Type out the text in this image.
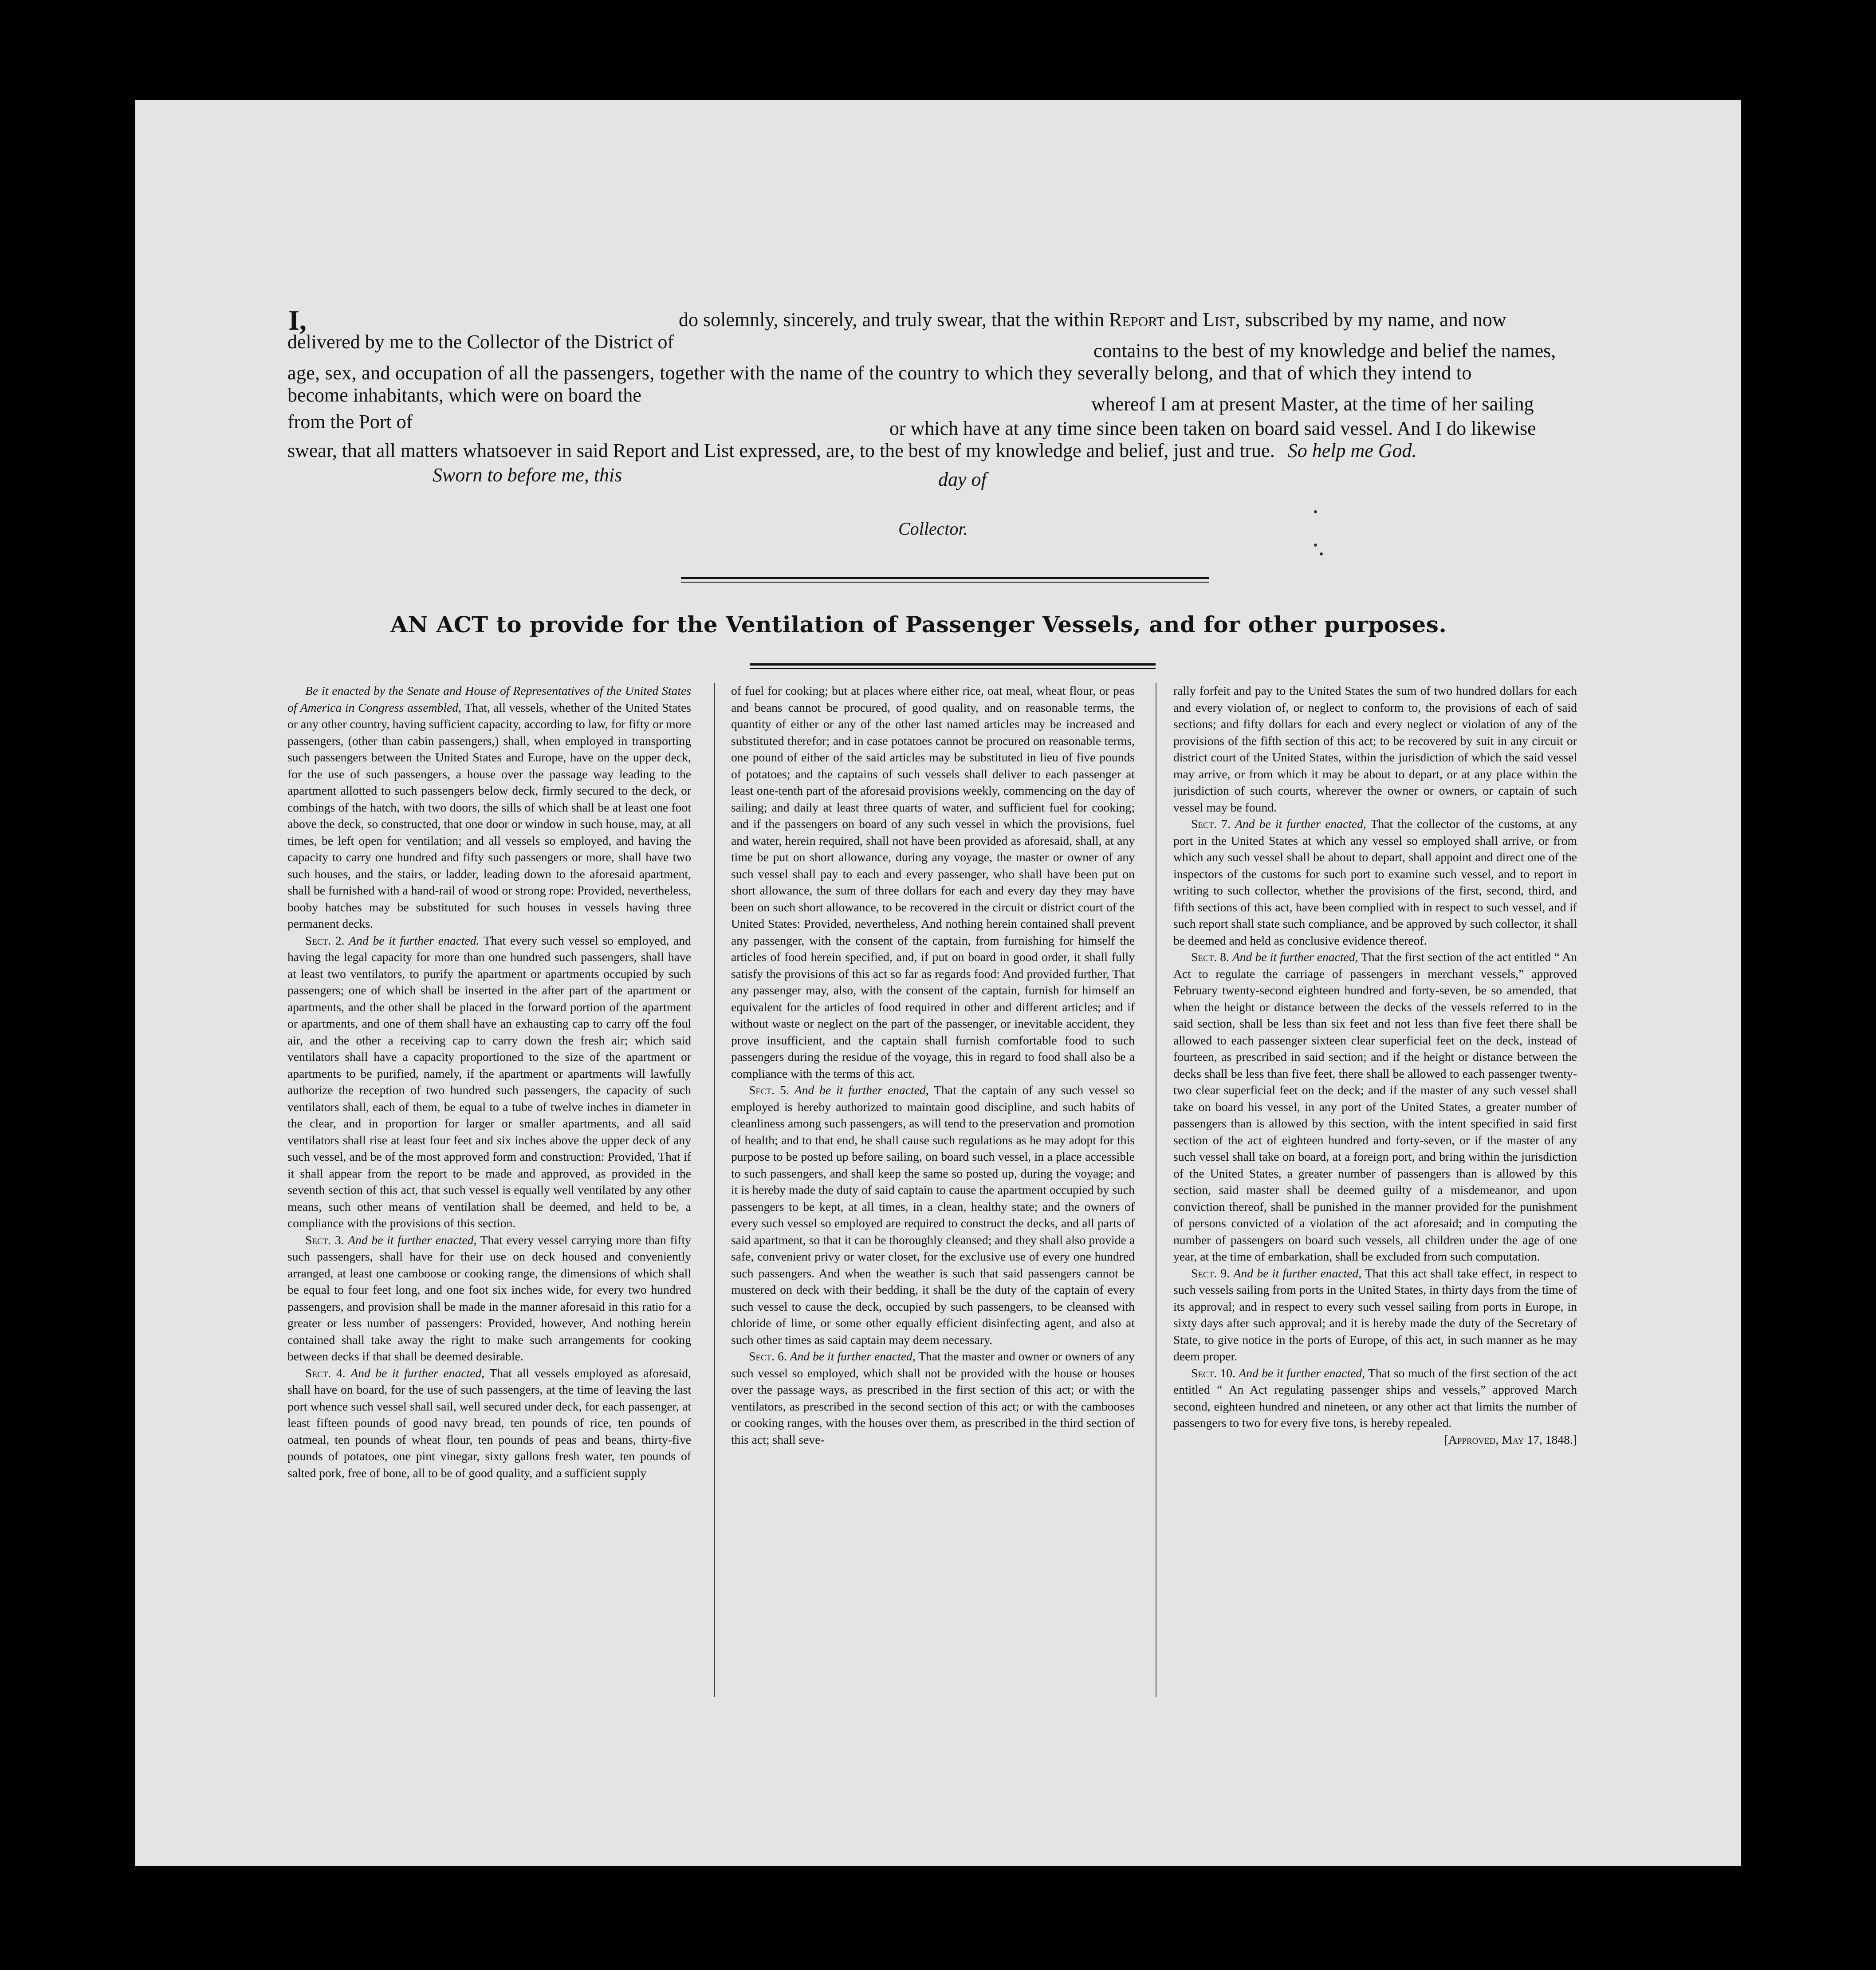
I,	do solemnly, sincerely, and truly swear, that the within Report and List, subscribed by my name, and now
delivered by me to the Collector of the District of	contains to the best of my knowledge and belief the names,
age, sex, and occupation of all the passengers, together with the name of the country to which they severally belong, and that of which they intend to
become inhabitants, which were on board the	whereof I am at present Master, at the time of her sailing
from the Port of	or which have at any time since been taken on board said vessel. And I do likewise
swear, that all matters whatsoever in said Report and List expressed, are, to the best of my knowledge and belief, just and true. So help me God.
Sworn to before me, this	day of
Collector.
AN ACT to provide for the Ventilation of Passenger Vessels, and for other purposes.

Be it enacted by the Senate and House of Representatives of the United States of America in Congress assembled, That, all vessels, whether of the United States or any other country, having sufficient capacity, according to law, for fifty or more passengers, (other than cabin passengers,) shall, when employed in transporting such passengers between the United States and Europe, have on the upper deck, for the use of such passengers, a house over the passage way leading to the apartment allotted to such passengers below deck, firmly secured to the deck, or combings of the hatch, with two doors, the sills of which shall be at least one foot above the deck, so constructed, that one door or window in such house, may, at all times, be left open for ventilation; and all vessels so employed, and having the capacity to carry one hundred and fifty such passengers or more, shall have two such houses, and the stairs, or ladder, leading down to the aforesaid apartment, shall be furnished with a hand-rail of wood or strong rope: Provided, nevertheless, booby hatches may be substituted for such houses in vessels having three permanent decks.

Sect. 2. And be it further enacted. That every such vessel so employed, and having the legal capacity for more than one hundred such passengers, shall have at least two ventilators, to purify the apartment or apartments occupied by such passengers; one of which shall be inserted in the after part of the apartment or apartments, and the other shall be placed in the forward portion of the apartment or apartments, and one of them shall have an exhausting cap to carry off the foul air, and the other a receiving cap to carry down the fresh air; which said ventilators shall have a capacity proportioned to the size of the apartment or apartments to be purified, namely, if the apartment or apartments will lawfully authorize the reception of two hundred such passengers, the capacity of such ventilators shall, each of them, be equal to a tube of twelve inches in diameter in the clear, and in proportion for larger or smaller apartments, and all said ventilators shall rise at least four feet and six inches above the upper deck of any such vessel, and be of the most approved form and construction: Provided, That if it shall appear from the report to be made and approved, as provided in the seventh section of this act, that such vessel is equally well ventilated by any other means, such other means of ventilation shall be deemed, and held to be, a compliance with the provisions of this section.

Sect. 3. And be it further enacted, That every vessel carrying more than fifty such passengers, shall have for their use on deck housed and conveniently arranged, at least one camboose or cooking range, the dimensions of which shall be equal to four feet long, and one foot six inches wide, for every two hundred passengers, and provision shall be made in the manner aforesaid in this ratio for a greater or less number of passengers: Provided, however, And nothing herein contained shall take away the right to make such arrangements for cooking between decks if that shall be deemed desirable.

Sect. 4. And be it further enacted, That all vessels employed as aforesaid, shall have on board, for the use of such passengers, at the time of leaving the last port whence such vessel shall sail, well secured under deck, for each passenger, at least fifteen pounds of good navy bread, ten pounds of rice, ten pounds of oatmeal, ten pounds of wheat flour, ten pounds of peas and beans, thirty-five pounds of potatoes, one pint vinegar, sixty gallons fresh water, ten pounds of salted pork, free of bone, all to be of good quality, and a sufficient supply

of fuel for cooking; but at places where either rice, oat meal, wheat flour, or peas and beans cannot be procured, of good quality, and on reasonable terms, the quantity of either or any of the other last named articles may be increased and substituted therefor; and in case potatoes cannot be procured on reasonable terms, one pound of either of the said articles may be substituted in lieu of five pounds of potatoes; and the captains of such vessels shall deliver to each passenger at least one-tenth part of the aforesaid provisions weekly, commencing on the day of sailing; and daily at least three quarts of water, and sufficient fuel for cooking; and if the passengers on board of any such vessel in which the provisions, fuel and water, herein required, shall not have been provided as aforesaid, shall, at any time be put on short allowance, during any voyage, the master or owner of any such vessel shall pay to each and every passenger, who shall have been put on short allowance, the sum of three dollars for each and every day they may have been on such short allowance, to be recovered in the circuit or district court of the United States: Provided, nevertheless, And nothing herein contained shall prevent any passenger, with the consent of the captain, from furnishing for himself the articles of food herein specified, and, if put on board in good order, it shall fully satisfy the provisions of this act so far as regards food: And provided further, That any passenger may, also, with the consent of the captain, furnish for himself an equivalent for the articles of food required in other and different articles; and if without waste or neglect on the part of the passenger, or inevitable accident, they prove insufficient, and the captain shall furnish comfortable food to such passengers during the residue of the voyage, this in regard to food shall also be a compliance with the terms of this act.

Sect. 5. And be it further enacted, That the captain of any such vessel so employed is hereby authorized to maintain good discipline, and such habits of cleanliness among such passengers, as will tend to the preservation and promotion of health; and to that end, he shall cause such regulations as he may adopt for this purpose to be posted up before sailing, on board such vessel, in a place accessible to such passengers, and shall keep the same so posted up, during the voyage; and it is hereby made the duty of said captain to cause the apartment occupied by such passengers to be kept, at all times, in a clean, healthy state; and the owners of every such vessel so employed are required to construct the decks, and all parts of said apartment, so that it can be thoroughly cleansed; and they shall also provide a safe, convenient privy or water closet, for the exclusive use of every one hundred such passengers. And when the weather is such that said passengers cannot be mustered on deck with their bedding, it shall be the duty of the captain of every such vessel to cause the deck, occupied by such passengers, to be cleansed with chloride of lime, or some other equally efficient disinfecting agent, and also at such other times as said captain may deem necessary.

Sect. 6. And be it further enacted, That the master and owner or owners of any such vessel so employed, which shall not be provided with the house or houses over the passage ways, as prescribed in the first section of this act; or with the ventilators, as prescribed in the second section of this act; or with the cambooses or cooking ranges, with the houses over them, as prescribed in the third section of this act; shall seve-

rally forfeit and pay to the United States the sum of two hundred dollars for each and every violation of, or neglect to conform to, the provisions of each of said sections; and fifty dollars for each and every neglect or violation of any of the provisions of the fifth section of this act; to be recovered by suit in any circuit or district court of the United States, within the jurisdiction of which the said vessel may arrive, or from which it may be about to depart, or at any place within the jurisdiction of such courts, wherever the owner or owners, or captain of such vessel may be found.

Sect. 7. And be it further enacted, That the collector of the customs, at any port in the United States at which any vessel so employed shall arrive, or from which any such vessel shall be about to depart, shall appoint and direct one of the inspectors of the customs for such port to examine such vessel, and to report in writing to such collector, whether the provisions of the first, second, third, and fifth sections of this act, have been complied with in respect to such vessel, and if such report shall state such compliance, and be approved by such collector, it shall be deemed and held as conclusive evidence thereof.

Sect. 8. And be it further enacted, That the first section of the act entitled “ An Act to regulate the carriage of passengers in merchant vessels,” approved February twenty-second eighteen hundred and forty-seven, be so amended, that when the height or distance between the decks of the vessels referred to in the said section, shall be less than six feet and not less than five feet there shall be allowed to each passenger sixteen clear superficial feet on the deck, instead of fourteen, as prescribed in said section; and if the height or distance between the decks shall be less than five feet, there shall be allowed to each passenger twenty-two clear superficial feet on the deck; and if the master of any such vessel shall take on board his vessel, in any port of the United States, a greater number of passengers than is allowed by this section, with the intent specified in said first section of the act of eighteen hundred and forty-seven, or if the master of any such vessel shall take on board, at a foreign port, and bring within the jurisdiction of the United States, a greater number of passengers than is allowed by this section, said master shall be deemed guilty of a misdemeanor, and upon conviction thereof, shall be punished in the manner provided for the punishment of persons convicted of a violation of the act aforesaid; and in computing the number of passengers on board such vessels, all children under the age of one year, at the time of embarkation, shall be excluded from such computation.

Sect. 9. And be it further enacted, That this act shall take effect, in respect to such vessels sailing from ports in the United States, in thirty days from the time of its approval; and in respect to every such vessel sailing from ports in Europe, in sixty days after such approval; and it is hereby made the duty of the Secretary of State, to give notice in the ports of Europe, of this act, in such manner as he may deem proper.

Sect. 10. And be it further enacted, That so much of the first section of the act entitled “ An Act regulating passenger ships and vessels,” approved March second, eighteen hundred and nineteen, or any other act that limits the number of passengers to two for every five tons, is hereby repealed.

[Approved, May 17, 1848.]
